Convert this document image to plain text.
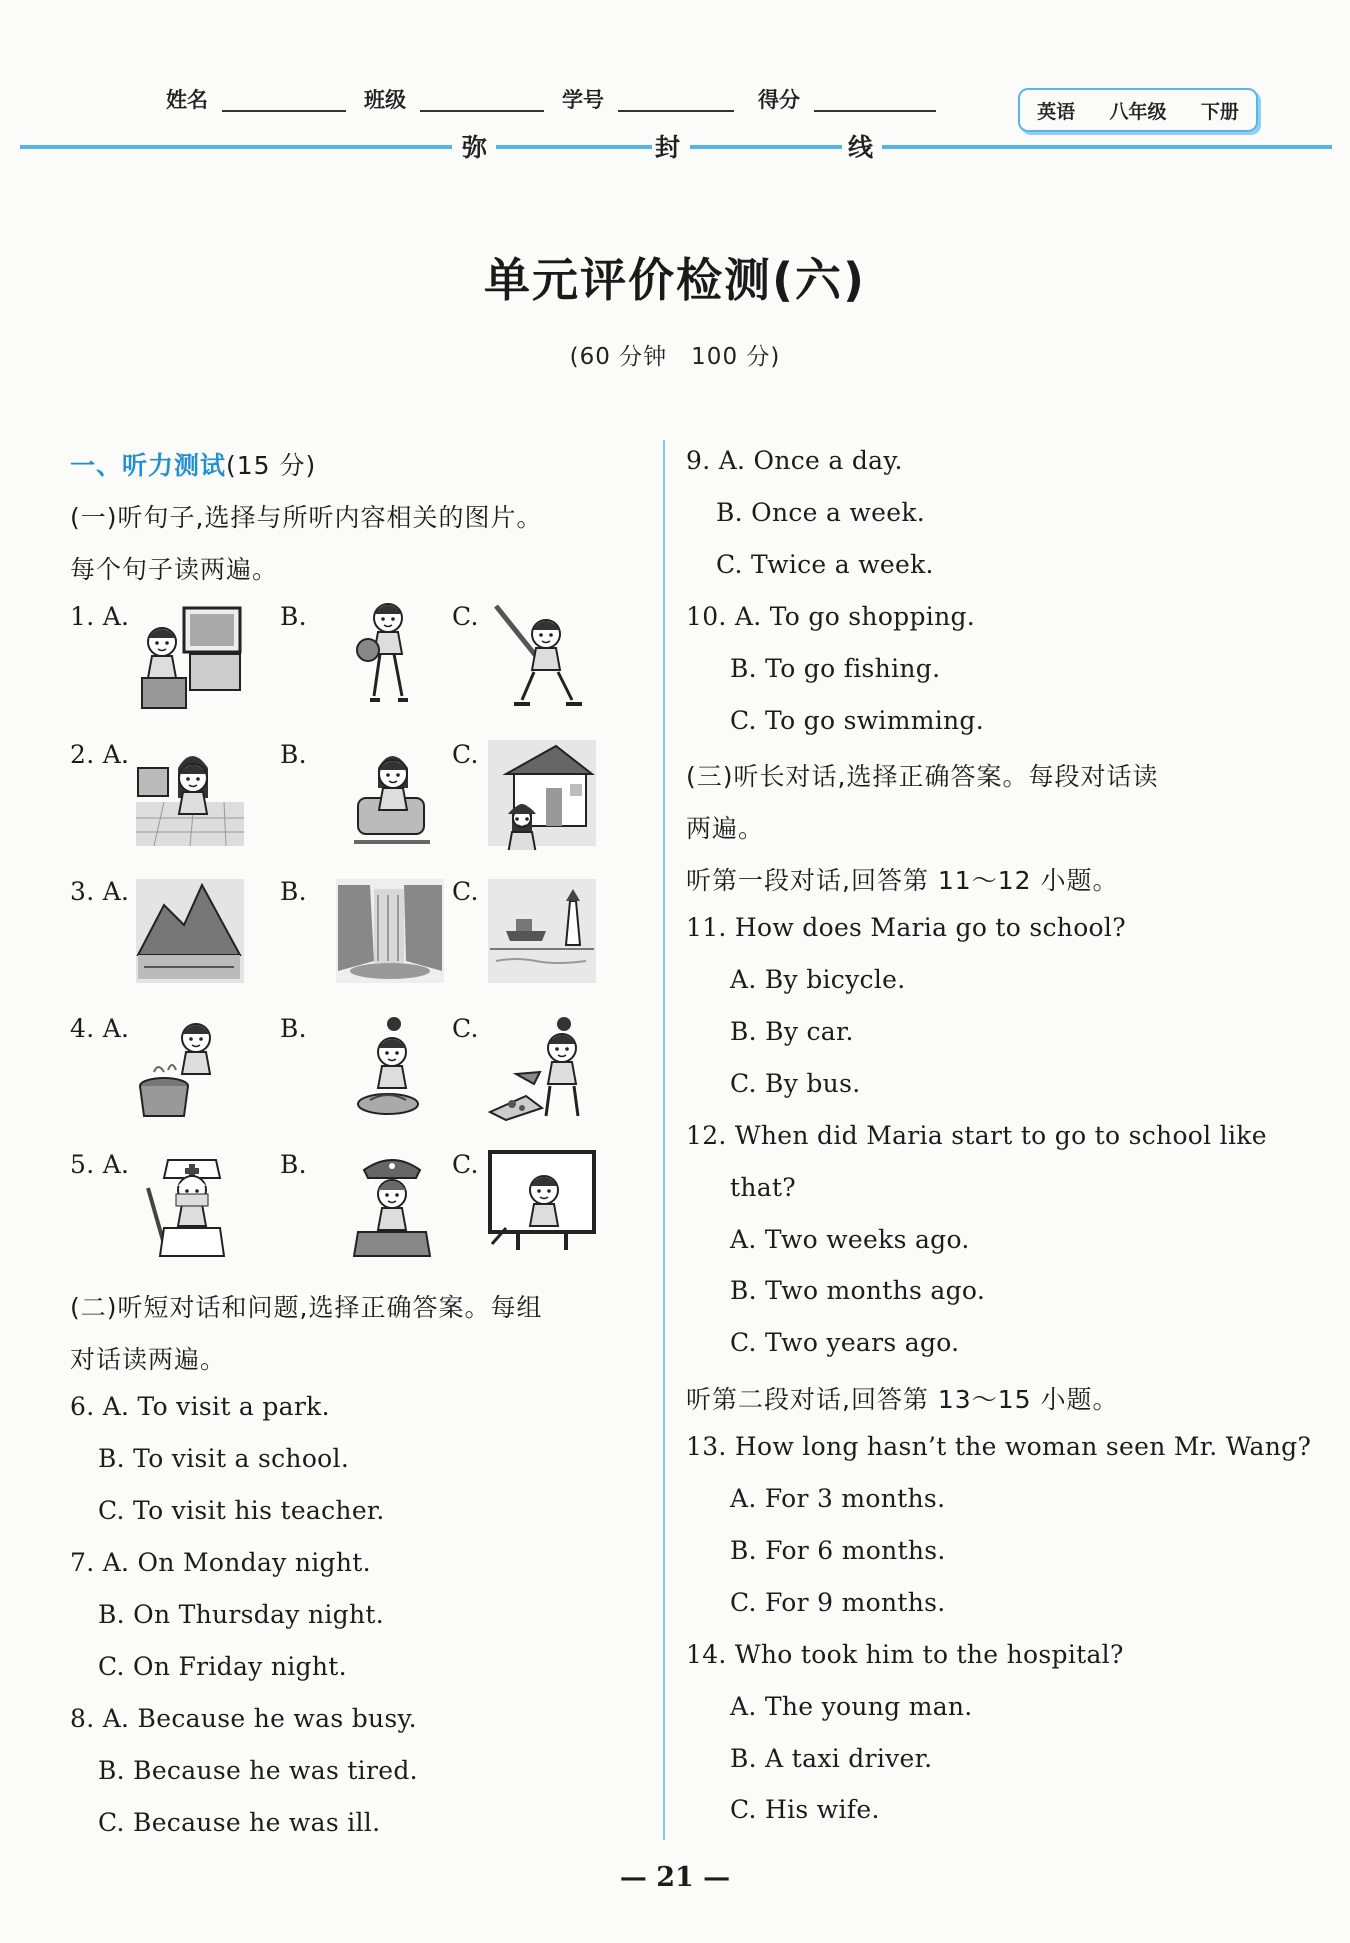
姓名	班级	学号	得分	英语 八年级 下册
弥	封	线
单元评价检测(六)
(60 分钟　100 分)
一、听力测试(15 分)
(一)听句子,选择与所听内容相关的图片。
每个句子读两遍。
1. A.	B.	C.
2. A.	B.	C.
3. A.	B.	C.
4. A.	B.	C.
5. A.	B.	C.
(二)听短对话和问题,选择正确答案。每组
对话读两遍。
6. A. To visit a park.
B. To visit a school.
C. To visit his teacher.
7. A. On Monday night.
B. On Thursday night.
C. On Friday night.
8. A. Because he was busy.
B. Because he was tired.
C. Because he was ill.
9. A. Once a day.
B. Once a week.
C. Twice a week.
10. A. To go shopping.
B. To go fishing.
C. To go swimming.
(三)听长对话,选择正确答案。每段对话读
两遍。
听第一段对话,回答第 11～12 小题。
11. How does Maria go to school?
A. By bicycle.
B. By car.
C. By bus.
12. When did Maria start to go to school like
that?
A. Two weeks ago.
B. Two months ago.
C. Two years ago.
听第二段对话,回答第 13～15 小题。
13. How long hasn’t the woman seen Mr. Wang?
A. For 3 months.
B. For 6 months.
C. For 9 months.
14. Who took him to the hospital?
A. The young man.
B. A taxi driver.
C. His wife.
— 21 —
